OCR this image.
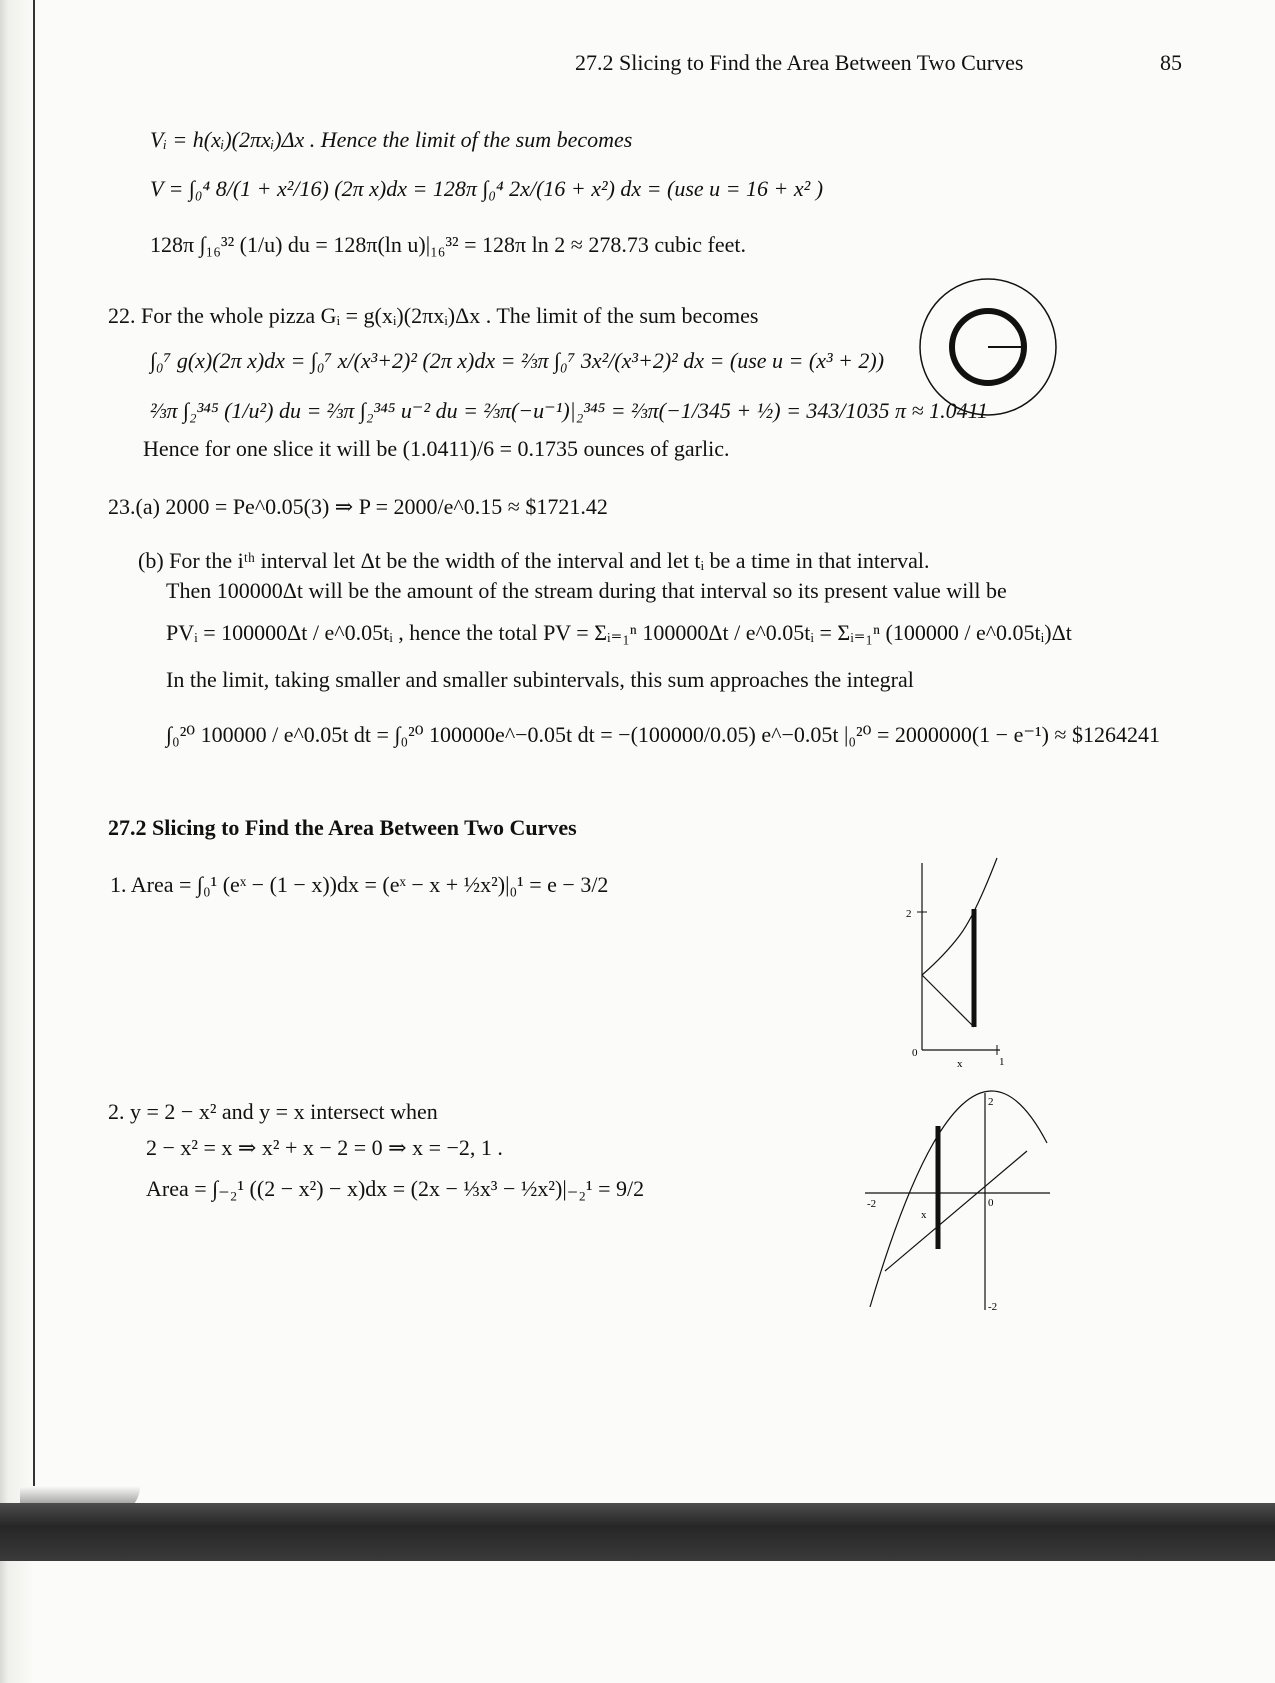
27.2 Slicing to Find the Area Between Two Curves	85
Vᵢ = h(xᵢ)(2πxᵢ)Δx . Hence the limit of the sum becomes
V = ∫₀⁴ 8/(1 + x²/16) (2π x)dx = 128π ∫₀⁴ 2x/(16 + x²) dx = (use u = 16 + x² )
128π ∫₁₆³² (1/u) du = 128π(ln u)|₁₆³² = 128π ln 2 ≈ 278.73 cubic feet.
22. For the whole pizza Gᵢ = g(xᵢ)(2πxᵢ)Δx . The limit of the sum becomes
∫₀⁷ g(x)(2π x)dx = ∫₀⁷ x/(x³+2)² (2π x)dx = ⅔π ∫₀⁷ 3x²/(x³+2)² dx = (use u = (x³ + 2))
⅔π ∫₂³⁴⁵ (1/u²) du = ⅔π ∫₂³⁴⁵ u⁻² du = ⅔π(−u⁻¹)|₂³⁴⁵ = ⅔π(−1/345 + ½) = 343/1035 π ≈ 1.0411
Hence for one slice it will be (1.0411)/6 = 0.1735 ounces of garlic.
23.(a) 2000 = Pe^0.05(3) ⇒ P = 2000/e^0.15 ≈ $1721.42
(b) For the iᵗʰ interval let Δt be the width of the interval and let tᵢ be a time in that interval.
Then 100000Δt will be the amount of the stream during that interval so its present value will be
PVᵢ = 100000Δt / e^0.05tᵢ , hence the total PV = Σᵢ₌₁ⁿ 100000Δt / e^0.05tᵢ = Σᵢ₌₁ⁿ (100000 / e^0.05tᵢ)Δt
In the limit, taking smaller and smaller subintervals, this sum approaches the integral
∫₀²⁰ 100000 / e^0.05t dt = ∫₀²⁰ 100000e^−0.05t dt = −(100000/0.05) e^−0.05t |₀²⁰ = 2000000(1 − e⁻¹) ≈ $1264241
27.2 Slicing to Find the Area Between Two Curves
1. Area = ∫₀¹ (eˣ − (1 − x))dx = (eˣ − x + ½x²)|₀¹ = e − 3/2
2. y = 2 − x² and y = x intersect when
2 − x² = x ⇒ x² + x − 2 = 0 ⇒ x = −2, 1 .
Area = ∫₋₂¹ ((2 − x²) − x)dx = (2x − ⅓x³ − ½x²)|₋₂¹ = 9/2
2
0
1
x
2
-2	0
-2
x
